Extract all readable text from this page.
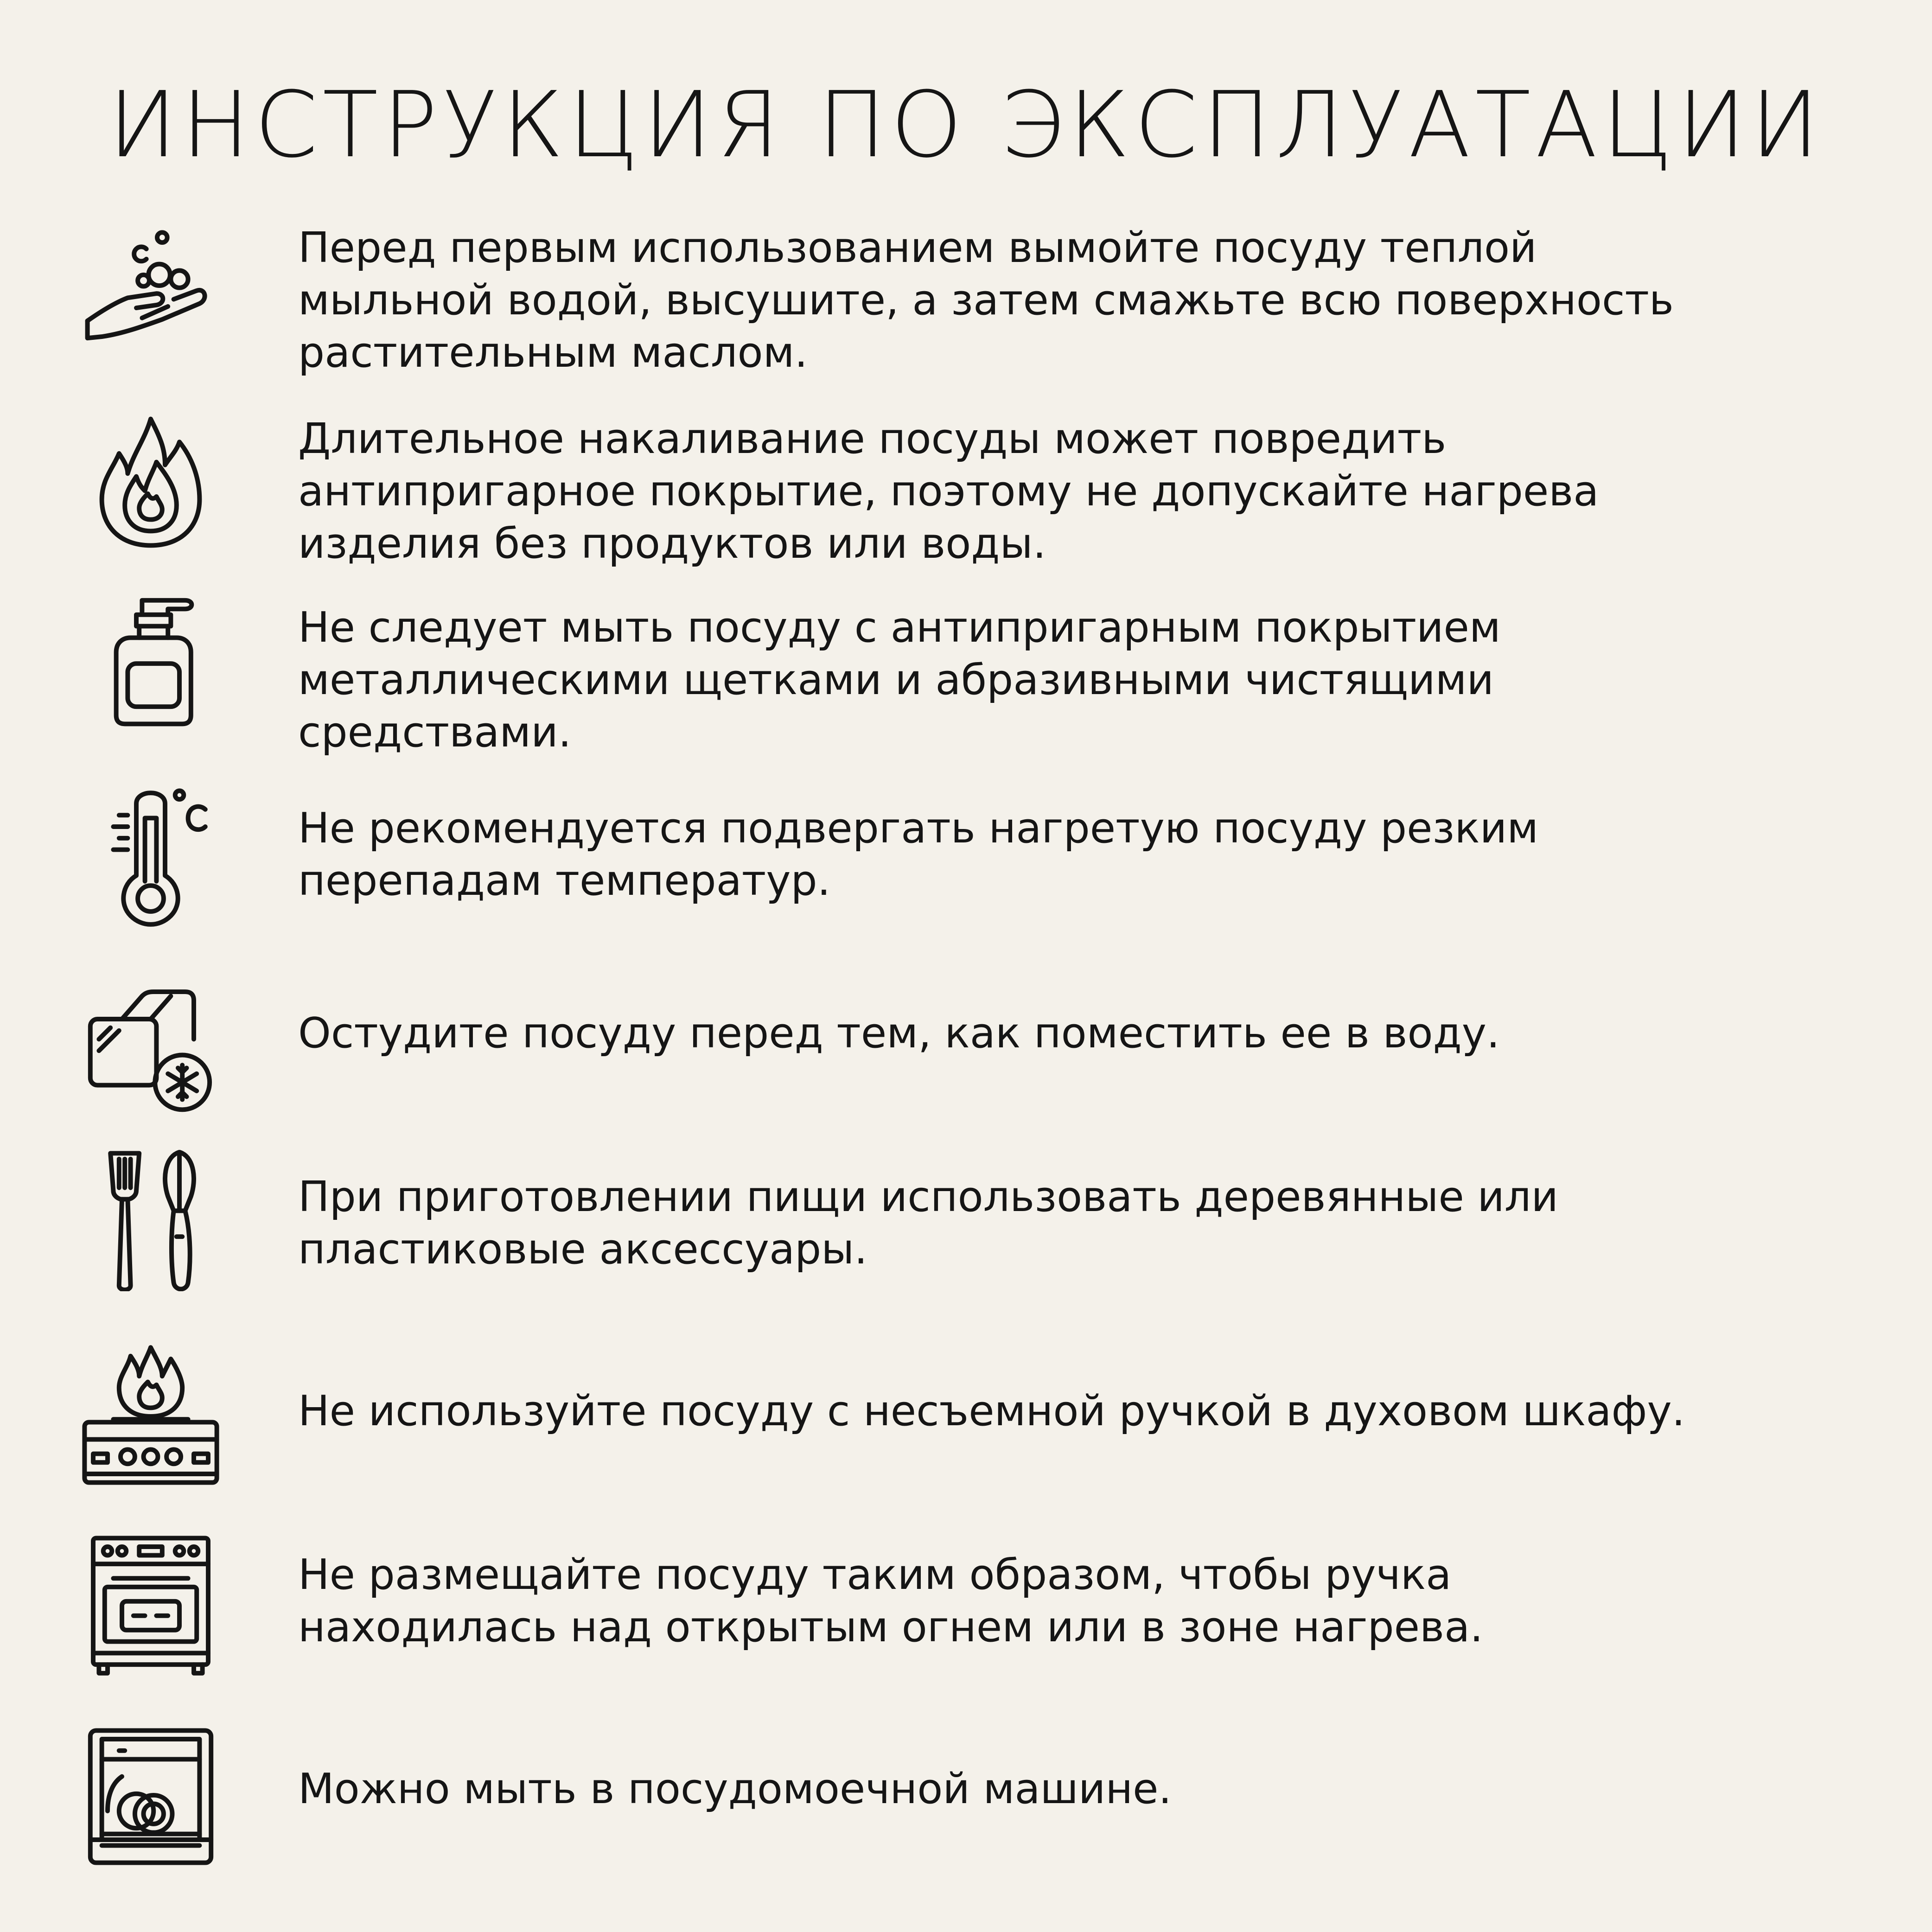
ИНСТРУКЦИЯ ПО ЭКСПЛУАТАЦИИ
Перед первым использованием вымойте посуду теплой
мыльной водой, высушите, а затем смажьте всю поверхность
растительным маслом.
Длительное накаливание посуды может повредить
антипригарное покрытие, поэтому не допускайте нагрева
изделия без продуктов или воды.
Не следует мыть посуду с антипригарным покрытием
металлическими щетками и абразивными чистящими
средствами.
Не рекомендуется подвергать нагретую посуду резким
перепадам температур.
Остудите посуду перед тем, как поместить ее в воду.
При приготовлении пищи использовать деревянные или
пластиковые аксессуары.
Не используйте посуду с несъемной ручкой в духовом шкафу.
Не размещайте посуду таким образом, чтобы ручка
находилась над открытым огнем или в зоне нагрева.
Можно мыть в посудомоечной машине.
